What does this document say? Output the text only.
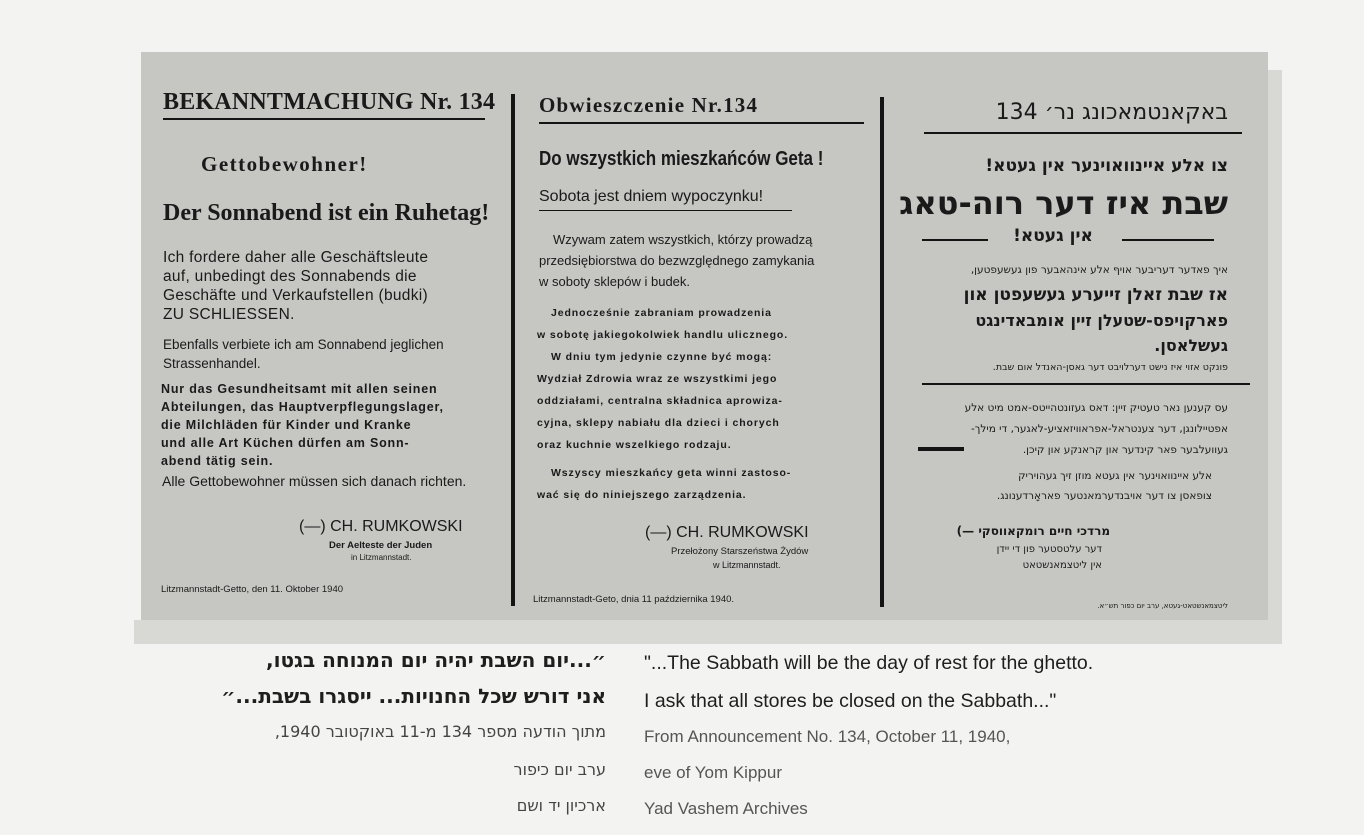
BEKANNTMACHUNG Nr. 134
Gettobewohner!
Der Sonnabend ist ein Ruhetag!
Ich fordere daher alle Geschäftsleute
auf, unbedingt des Sonnabends die
Geschäfte und Verkaufstellen (budki)
ZU SCHLIESSEN.
Ebenfalls verbiete ich am Sonnabend jeglichen
Strassenhandel.
Nur das Gesundheitsamt mit allen seinen
Abteilungen, das Hauptverpflegungslager,
die Milchläden für Kinder und Kranke
und alle Art Küchen dürfen am Sonn-
abend tätig sein.
Alle Gettobewohner müssen sich danach richten.
(—) CH. RUMKOWSKI
Der Aelteste der Juden
in Litzmannstadt.
Litzmannstadt-Getto, den 11. Oktober 1940
Obwieszczenie Nr.134
Do wszystkich mieszkańców Geta !
Sobota jest dniem wypoczynku!
Wzywam zatem wszystkich, którzy prowadzą
przedsiębiorstwa do bezwzględnego zamykania
w soboty sklepów i budek.
Jednocześnie zabraniam prowadzenia
w sobotę jakiegokolwiek handlu ulicznego.
W dniu tym jedynie czynne być mogą:
Wydział Zdrowia wraz ze wszystkimi jego
oddziałami, centralna składnica aprowiza-
cyjna, sklepy nabiału dla dzieci i chorych
oraz kuchnie wszelkiego rodzaju.
Wszyscy mieszkańcy geta winni zastoso-
wać się do niniejszego zarządzenia.
(—) CH. RUMKOWSKI
Przełożony Starszeństwa Żydów
w Litzmannstadt.
Litzmannstadt-Geto, dnia 11 października 1940.
באקאנטמאכונג נר׳ 134
צו אלע איינוואוינער אין געטא!
שבת איז דער רוה-טאג
אין געטא!
איך פאדער דעריבער אויף אלע אינהאבער פון געשעפטען,
אז שבת זאלן זייערע געשעפטן און
פארקויפס-שטעלן זיין אומבאדינגט
געשלאסן.
פונקט אזוי איז נישט דערלויבט דער גאסן-האנדל אום שבת.
עס קענען נאר טעטיק זיין: דאס געזונטהייטס-אמט מיט אלע
אפטיילונגן, דער צענטראל-אפראוויזאציע-לאגער, די מילך-
געוועלבער פאר קינדער און קראנקע און קיכן.
אלע איינוואוינער אין געטא מוזן זיך געהויריק
צופאסן צו דער אויבנדערמאנטער פאראָרדענונג.
מרדכי חיים רומקאווסקי —)
דער עלטסטער פון די יידן
אין ליטצמאנשטאט
ליטצמאנשטאט-געטא, ערב יום כפור תש״א.
״...יום השבת יהיה יום המנוחה בגטו,
אני דורש שכל החנויות... ייסגרו בשבת...״
מתוך הודעה מספר 134 מ-11 באוקטובר 1940,
ערב יום כיפור
ארכיון יד ושם
"...The Sabbath will be the day of rest for the ghetto.
I ask that all stores be closed on the Sabbath..."
From Announcement No. 134, October 11, 1940,
eve of Yom Kippur
Yad Vashem Archives
